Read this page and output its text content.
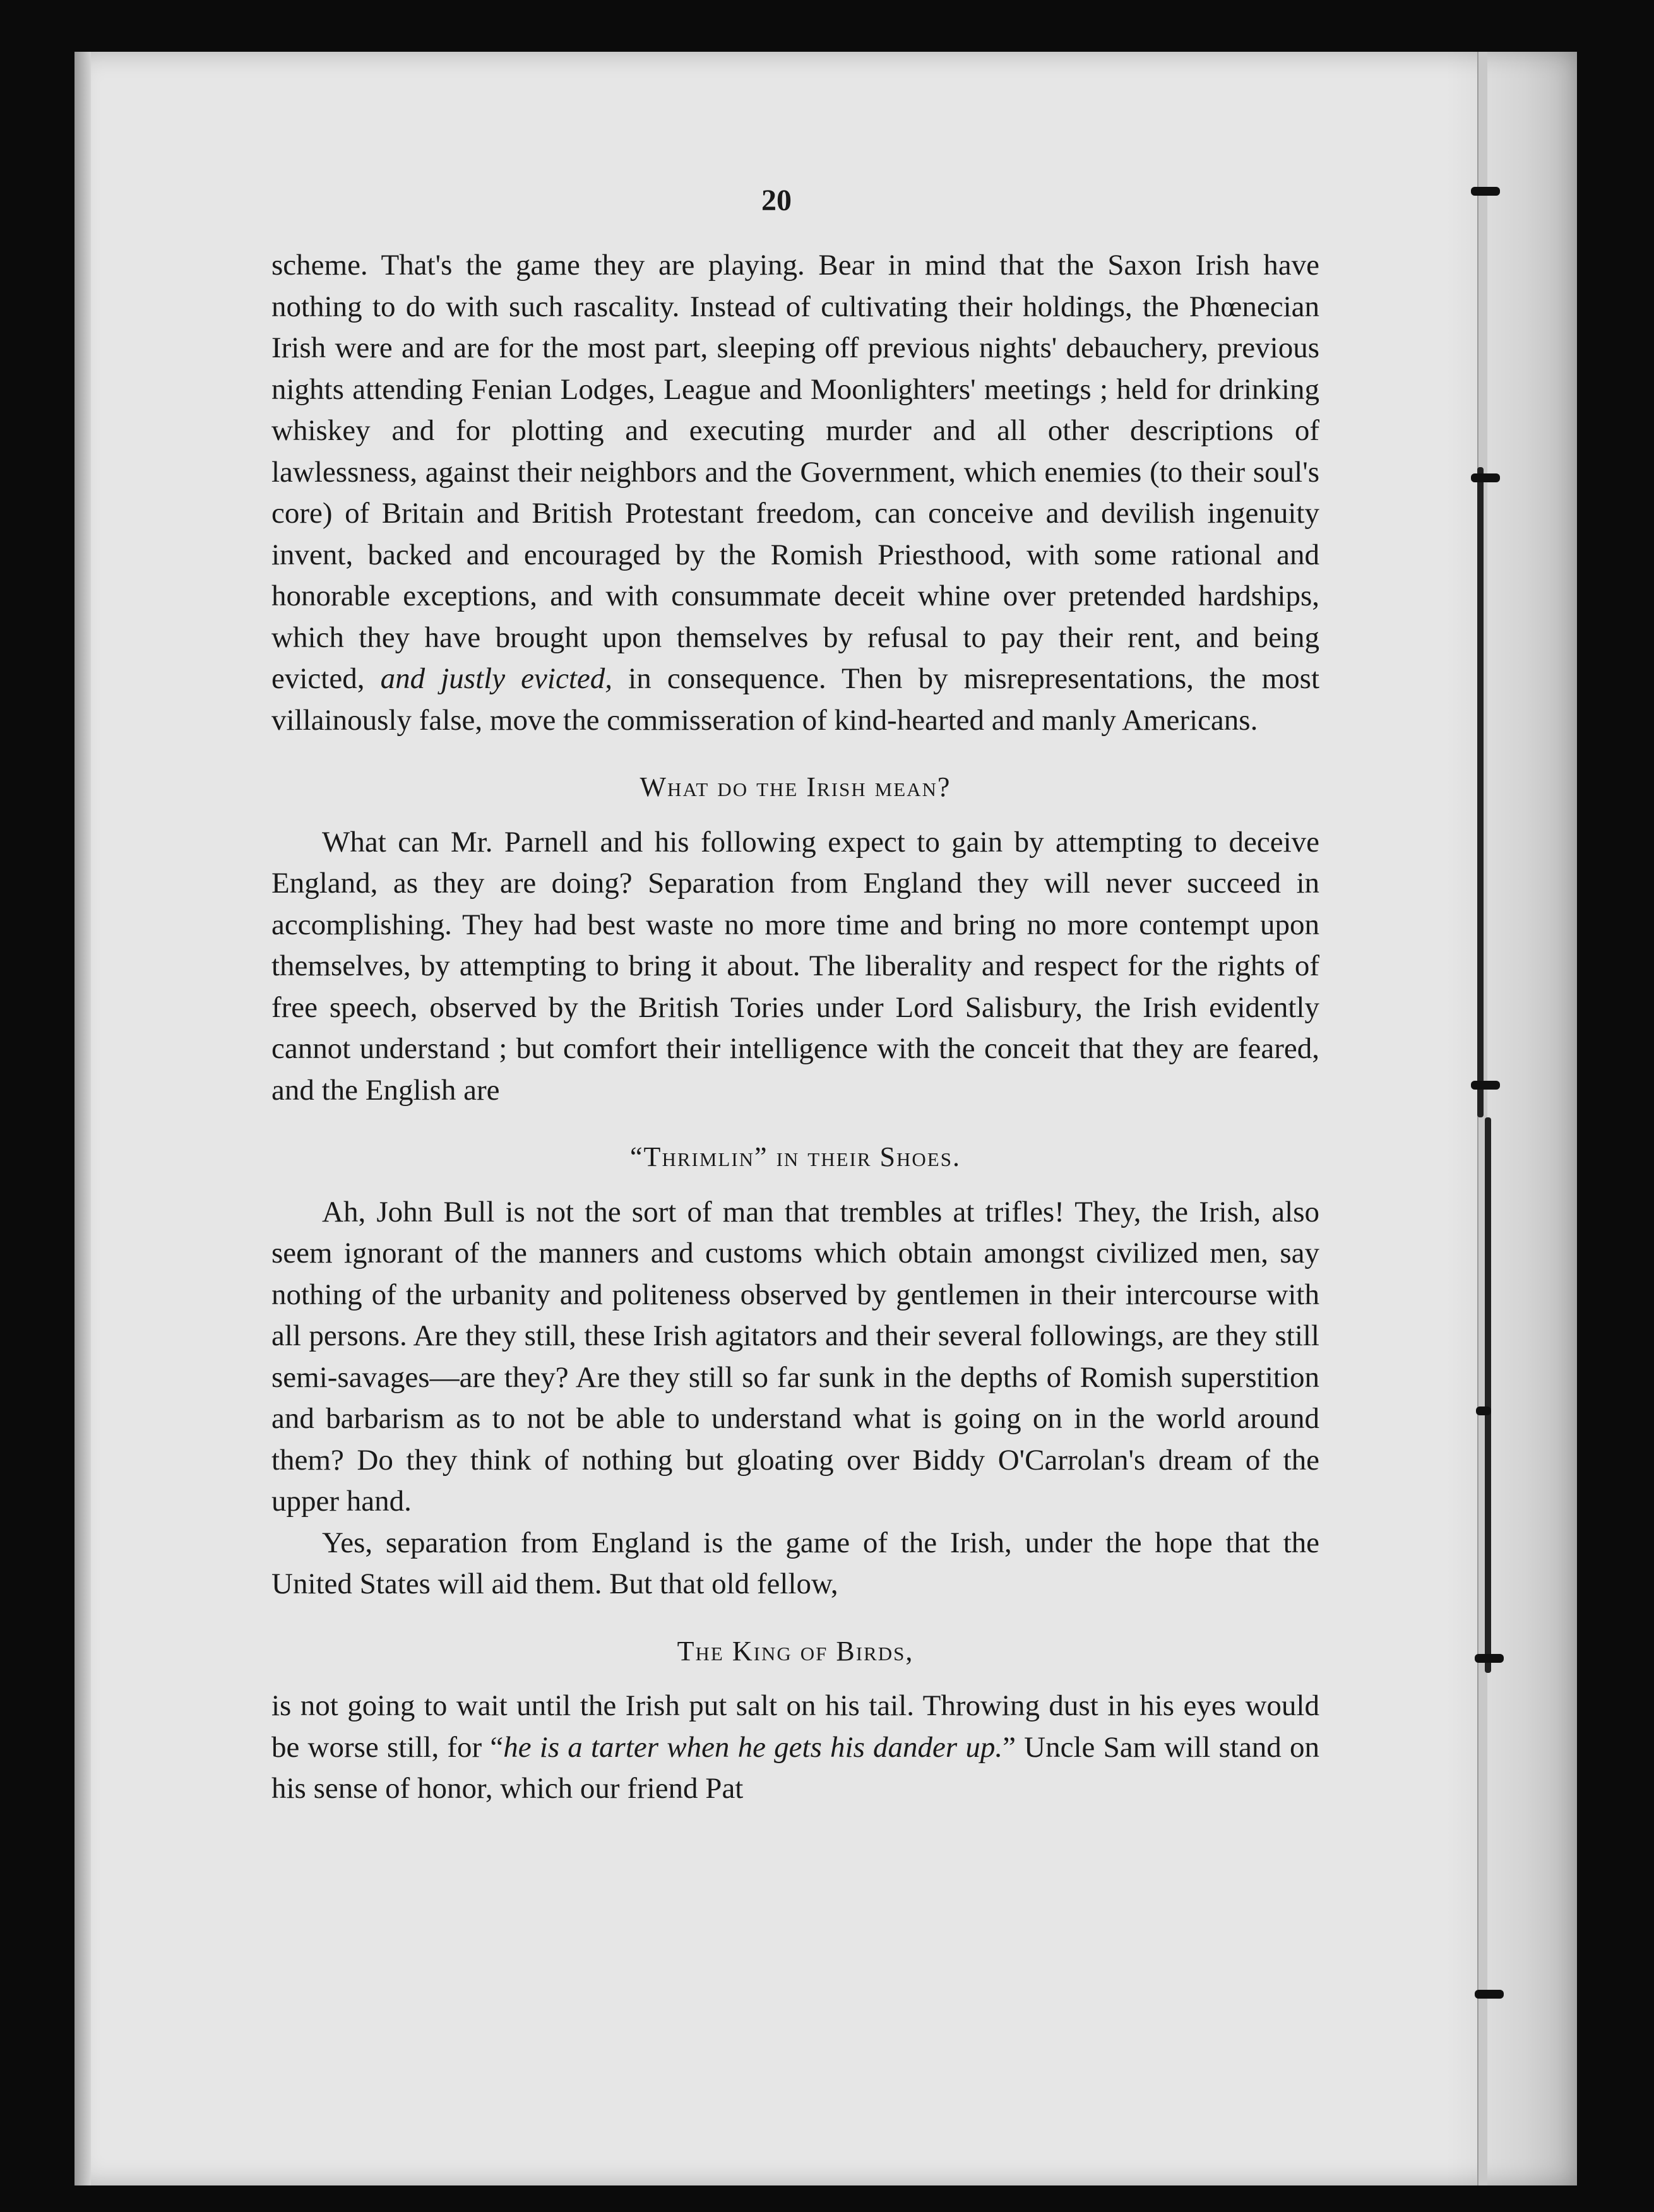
20

scheme. That's the game they are playing. Bear in mind that the Saxon Irish have nothing to do with such rascality. Instead of cultivating their holdings, the Phœnecian Irish were and are for the most part, sleeping off previous nights' debauchery, previous nights attending Fenian Lodges, League and Moonlighters' meetings ; held for drinking whiskey and for plotting and executing murder and all other descriptions of lawlessness, against their neighbors and the Government, which enemies (to their soul's core) of Britain and British Protestant freedom, can conceive and devilish ingenuity invent, backed and encouraged by the Romish Priesthood, with some rational and honorable exceptions, and with consummate deceit whine over pretended hardships, which they have brought upon themselves by refusal to pay their rent, and being evicted, and justly evicted, in consequence. Then by misrepresentations, the most villainously false, move the commisseration of kind-hearted and manly Americans.

What do the Irish mean?

What can Mr. Parnell and his following expect to gain by attempting to deceive England, as they are doing? Separation from England they will never succeed in accomplishing. They had best waste no more time and bring no more contempt upon themselves, by attempting to bring it about. The liberality and respect for the rights of free speech, observed by the British Tories under Lord Salisbury, the Irish evidently cannot understand ; but comfort their intelligence with the conceit that they are feared, and the English are

“Thrimlin” in their Shoes.

Ah, John Bull is not the sort of man that trembles at trifles! They, the Irish, also seem ignorant of the manners and customs which obtain amongst civilized men, say nothing of the urbanity and politeness observed by gentlemen in their intercourse with all persons. Are they still, these Irish agitators and their several followings, are they still semi-savages—are they? Are they still so far sunk in the depths of Romish superstition and barbarism as to not be able to understand what is going on in the world around them? Do they think of nothing but gloating over Biddy O'Carrolan's dream of the upper hand.

Yes, separation from England is the game of the Irish, under the hope that the United States will aid them. But that old fellow,

The King of Birds,

is not going to wait until the Irish put salt on his tail. Throwing dust in his eyes would be worse still, for “he is a tarter when he gets his dander up.” Uncle Sam will stand on his sense of honor, which our friend Pat
